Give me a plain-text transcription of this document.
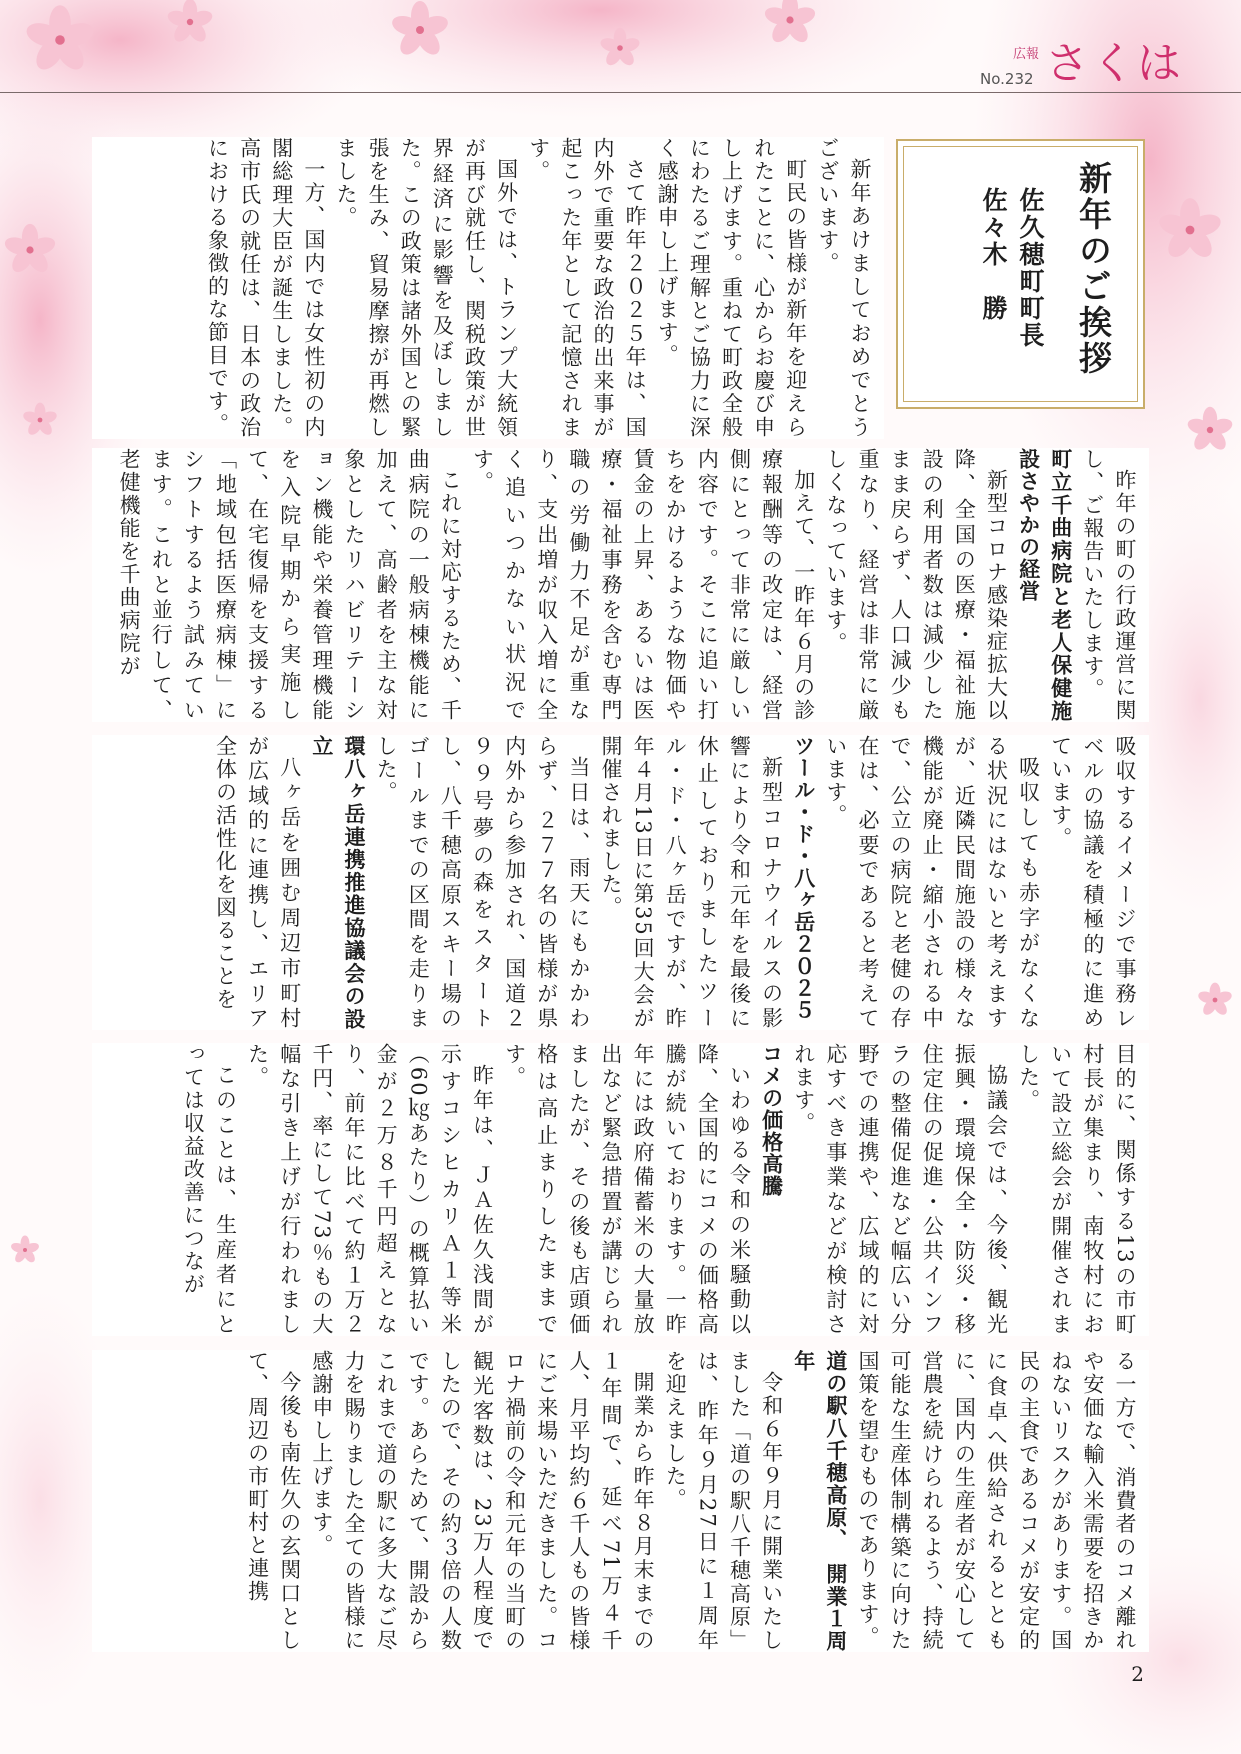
広報 さくは
No.232
新年のご挨拶
佐久穂町町長
佐々木　勝

新年あけましておめでとうございます。

町民の皆様が新年を迎えられたことに、心からお慶び申し上げます。重ねて町政全般にわたるご理解とご協力に深く感謝申し上げます。

さて昨年２０２５年は、国内外で重要な政治的出来事が起こった年として記憶されます。

国外では、トランプ大統領が再び就任し、関税政策が世界経済に影響を及ぼしました。この政策は諸外国との緊張を生み、貿易摩擦が再燃しました。

一方、国内では女性初の内閣総理大臣が誕生しました。高市氏の就任は、日本の政治における象徴的な節目です。

昨年の町の行政運営に関し、ご報告いたします。

町立千曲病院と老人保健施設さやかの経営

新型コロナ感染症拡大以降、全国の医療・福祉施設の利用者数は減少したまま戻らず、人口減少も重なり、経営は非常に厳しくなっています。

加えて、一昨年６月の診療報酬等の改定は、経営側にとって非常に厳しい内容です。そこに追い打ちをかけるような物価や賃金の上昇、あるいは医療・福祉事務を含む専門職の労働力不足が重なり、支出増が収入増に全く追いつかない状況です。

これに対応するため、千曲病院の一般病棟機能に加えて、高齢者を主な対象としたリハビリテーション機能や栄養管理機能を入院早期から実施して、在宅復帰を支援する「地域包括医療病棟」にシフトするよう試みています。これと並行して、老健機能を千曲病院が

吸収するイメージで事務レベルの協議を積極的に進めています。

吸収しても赤字がなくなる状況にはないと考えますが、近隣民間施設の様々な機能が廃止・縮小される中で、公立の病院と老健の存在は、必要であると考えています。

ツール・ド・八ヶ岳２０２５

新型コロナウイルスの影響により令和元年を最後に休止しておりましたツール・ド・八ヶ岳ですが、昨年４月13日に第35回大会が開催されました。

当日は、雨天にもかかわらず、２７７名の皆様が県内外から参加され、国道２９９号夢の森をスタートし、八千穂高原スキー場のゴールまでの区間を走りました。

環八ヶ岳連携推進協議会の設立

八ヶ岳を囲む周辺市町村が広域的に連携し、エリア全体の活性化を図ることを

目的に、関係する13の市町村長が集まり、南牧村において設立総会が開催されました。

協議会では、今後、観光振興・環境保全・防災・移住定住の促進・公共インフラの整備促進など幅広い分野での連携や、広域的に対応すべき事業などが検討されます。

コメの価格高騰

いわゆる令和の米騒動以降、全国的にコメの価格高騰が続いております。一昨年には政府備蓄米の大量放出など緊急措置が講じられましたが、その後も店頭価格は高止まりしたままです。

昨年は、ＪＡ佐久浅間が示すコシヒカリＡ１等米（60㎏あたり）の概算払い金が２万８千円超えとなり、前年に比べて約１万２千円、率にして73％もの大幅な引き上げが行われました。

このことは、生産者にとっては収益改善につなが

る一方で、消費者のコメ離れや安価な輸入米需要を招きかねないリスクがあります。国民の主食であるコメが安定的に食卓へ供給されるとともに、国内の生産者が安心して営農を続けられるよう、持続可能な生産体制構築に向けた国策を望むものであります。

道の駅八千穂高原、　開業１周年

令和６年９月に開業いたしました「道の駅八千穂高原」は、昨年９月27日に１周年を迎えました。

開業から昨年８月末までの１年間で、延べ71万４千人、月平均約６千人もの皆様にご来場いただきました。コロナ禍前の令和元年の当町の観光客数は、23万人程度でしたので、その約３倍の人数です。あらためて、開設からこれまで道の駅に多大なご尽力を賜りました全ての皆様に感謝申し上げます。

今後も南佐久の玄関口として、周辺の市町村と連携

2
